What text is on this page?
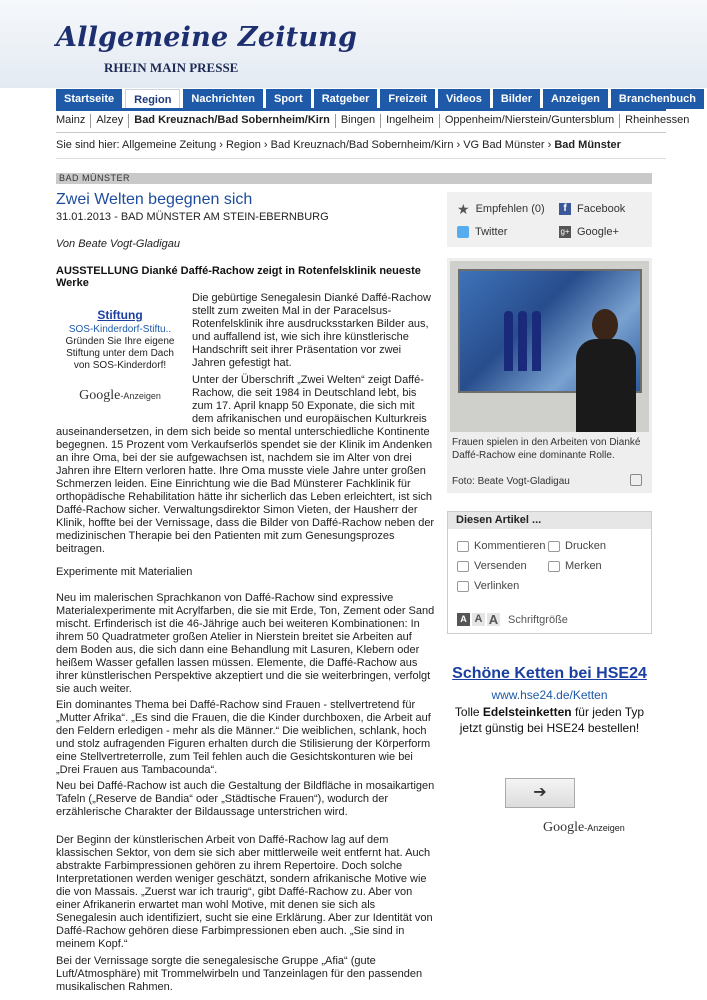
Allgemeine Zeitung
RHEIN MAIN PRESSE
Startseite	Region	Nachrichten	Sport	Ratgeber	Freizeit	Videos	Bilder	Anzeigen	Branchenbuch
Mainz	Alzey	Bad Kreuznach/Bad Sobernheim/Kirn	Bingen	Ingelheim	Oppenheim/Nierstein/Guntersblum	Rheinhessen
Sie sind hier: Allgemeine Zeitung › Region › Bad Kreuznach/Bad Sobernheim/Kirn › VG Bad Münster › Bad Münster
BAD MÜNSTER
Zwei Welten begegnen sich
31.01.2013 - BAD MÜNSTER AM STEIN-EBERNBURG
Von Beate Vogt-Gladigau
AUSSTELLUNG Dianké Daffé-Rachow zeigt in Rotenfelsklinik neueste Werke
Stiftung
SOS-Kinderdorf-Stiftu..
Gründen Sie Ihre eigene Stiftung unter dem Dach von SOS-Kinderdorf!
Google-Anzeigen
Die gebürtige Senegalesin Dianké Daffé-Rachow stellt zum zweiten Mal in der Paracelsus-Rotenfelsklinik ihre ausdrucksstarken Bilder aus, und auffallend ist, wie sich ihre künstlerische Handschrift seit ihrer Präsentation vor zwei Jahren gefestigt hat.
Unter der Überschrift „Zwei Welten“ zeigt Daffé-Rachow, die seit 1984 in Deutschland lebt, bis zum 17. April knapp 50 Exponate, die sich mit dem afrikanischen und europäischen Kulturkreis
auseinandersetzen, in dem sich beide so mental unterschiedliche Kontinente begegnen. 15 Prozent vom Verkaufserlös spendet sie der Klinik im Andenken an ihre Oma, bei der sie aufgewachsen ist, nachdem sie im Alter von drei Jahren ihre Eltern verloren hatte. Ihre Oma musste viele Jahre unter großen Schmerzen leiden. Eine Einrichtung wie die Bad Münsterer Fachklinik für orthopädische Rehabilitation hätte ihr sicherlich das Leben erleichtert, ist sich Daffé-Rachow sicher. Verwaltungsdirektor Simon Vieten, der Hausherr der Klinik, hoffte bei der Vernissage, dass die Bilder von Daffé-Rachow neben der medizinischen Therapie bei den Patienten mit zum Genesungsprozes beitragen.
Experimente mit Materialien
Neu im malerischen Sprachkanon von Daffé-Rachow sind expressive Materialexperimente mit Acrylfarben, die sie mit Erde, Ton, Zement oder Sand mischt. Erfinderisch ist die 46-Jährige auch bei weiteren Kombinationen: In ihrem 50 Quadratmeter großen Atelier in Nierstein breitet sie Arbeiten auf dem Boden aus, die sich dann eine Behandlung mit Lasuren, Klebern oder heißem Wasser gefallen lassen müssen. Elemente, die Daffé-Rachow aus ihrer künstlerischen Perspektive akzeptiert und die sie weiterbringen, verfolgt sie auch weiter.
Ein dominantes Thema bei Daffé-Rachow sind Frauen - stellvertretend für „Mutter Afrika“. „Es sind die Frauen, die die Kinder durchboxen, die Arbeit auf den Feldern erledigen - mehr als die Männer.“ Die weiblichen, schlank, hoch und stolz aufragenden Figuren erhalten durch die Stilisierung der Körperform eine Stellvertreterrolle, zum Teil fehlen auch die Gesichtskonturen wie bei „Drei Frauen aus Tambacounda“.
Neu bei Daffé-Rachow ist auch die Gestaltung der Bildfläche in mosaikartigen Tafeln („Reserve de Bandia“ oder „Städtische Frauen“), wodurch der erzählerische Charakter der Bildaussage unterstrichen wird.
Der Beginn der künstlerischen Arbeit von Daffé-Rachow lag auf dem klassischen Sektor, von dem sie sich aber mittlerweile weit entfernt hat. Auch abstrakte Farbimpressionen gehören zu ihrem Repertoire. Doch solche Interpretationen werden weniger geschätzt, sondern afrikanische Motive wie die von Massais. „Zuerst war ich traurig“, gibt Daffé-Rachow zu. Aber von einer Afrikanerin erwartet man wohl Motive, mit denen sie sich als Senegalesin auch identifiziert, sucht sie eine Erklärung. Aber zur Identität von Daffé-Rachow gehören diese Farbimpressionen eben auch. „Sie sind in meinem Kopf.“
Bei der Vernissage sorgte die senegalesische Gruppe „Afia“ (gute Luft/Atmosphäre) mit Trommelwirbeln und Tanzeinlagen für den passenden musikalischen Rahmen.
★ Empfehlen (0)	f Facebook
Twitter	g+ Google+
Frauen spielen in den Arbeiten von Dianké Daffé-Rachow eine dominante Rolle.
Foto: Beate Vogt-Gladigau
Diesen Artikel ...
Kommentieren Drucken
Versenden	Merken
Verlinken
A A A Schriftgröße
Schöne Ketten bei HSE24
www.hse24.de/Ketten
Tolle Edelsteinketten für jeden Typ jetzt günstig bei HSE24 bestellen!
➔
Google-Anzeigen
